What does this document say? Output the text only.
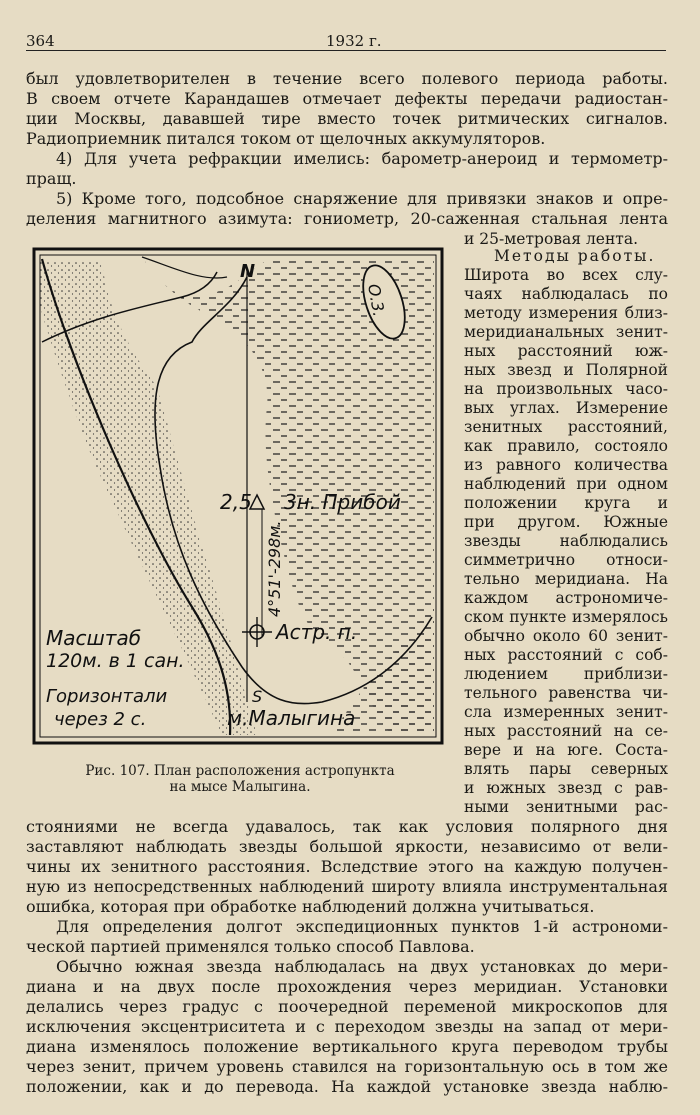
364	1932 г.
был удовлетворителен в течение всего полевого периода работы.
В своем отчете Карандашев отмечает дефекты передачи радиостан-
ции Москвы, дававшей тире вместо точек ритмических сигналов.
Радиоприемник питался током от щелочных аккумуляторов.
4) Для учета рефракции имелись: барометр-анероид и термометр-
пращ.
5) Кроме того, подсобное снаряжение для привязки знаков и опре-
деления магнитного азимута: гониометр, 20-саженная стальная лента
и 25-метровая лента.
Методы работы.
Широта во всех слу-
чаях наблюдалась по
методу измерения близ-
меридианальных зенит-
ных расстояний юж-
ных звезд и Полярной
на произвольных часо-
вых углах. Измерение
зенитных расстояний,
как правило, состояло
из равного количества
наблюдений при одном
положении круга и
при другом. Южные
звезды наблюдались
симметрично относи-
тельно меридиана. На
каждом астрономиче-
ском пункте измерялось
обычно около 60 зенит-
ных расстояний с соб-
людением приблизи-
тельного равенства чи-
сла измеренных зенит-
ных расстояний на се-
вере и на юге. Соста-
влять пары северных
и южных звезд с рав-
ными зенитными рас-
N
S
О.3.
2,5 3н. Прибой
4°51'-298м.
Астр. п.
м.Малыгина
Масштаб
120м. в 1 сан.
Горизонтали
через 2 с.
Рис. 107. План расположения астропункта
на мысе Малыгина.
стояниями не всегда удавалось, так как условия полярного дня
заставляют наблюдать звезды большой яркости, независимо от вели-
чины их зенитного расстояния. Вследствие этого на каждую получен-
ную из непосредственных наблюдений широту влияла инструментальная
ошибка, которая при обработке наблюдений должна учитываться.
Для определения долгот экспедиционных пунктов 1-й астрономи-
ческой партией применялся только способ Павлова.
Обычно южная звезда наблюдалась на двух установках до мери-
диана и на двух после прохождения через меридиан. Установки
делались через градус с поочередной переменой микроскопов для
исключения эксцентриситета и с переходом звезды на запад от мери-
диана изменялось положение вертикального круга переводом трубы
через зенит, причем уровень ставился на горизонтальную ось в том же
положении, как и до перевода. На каждой установке звезда наблю-
